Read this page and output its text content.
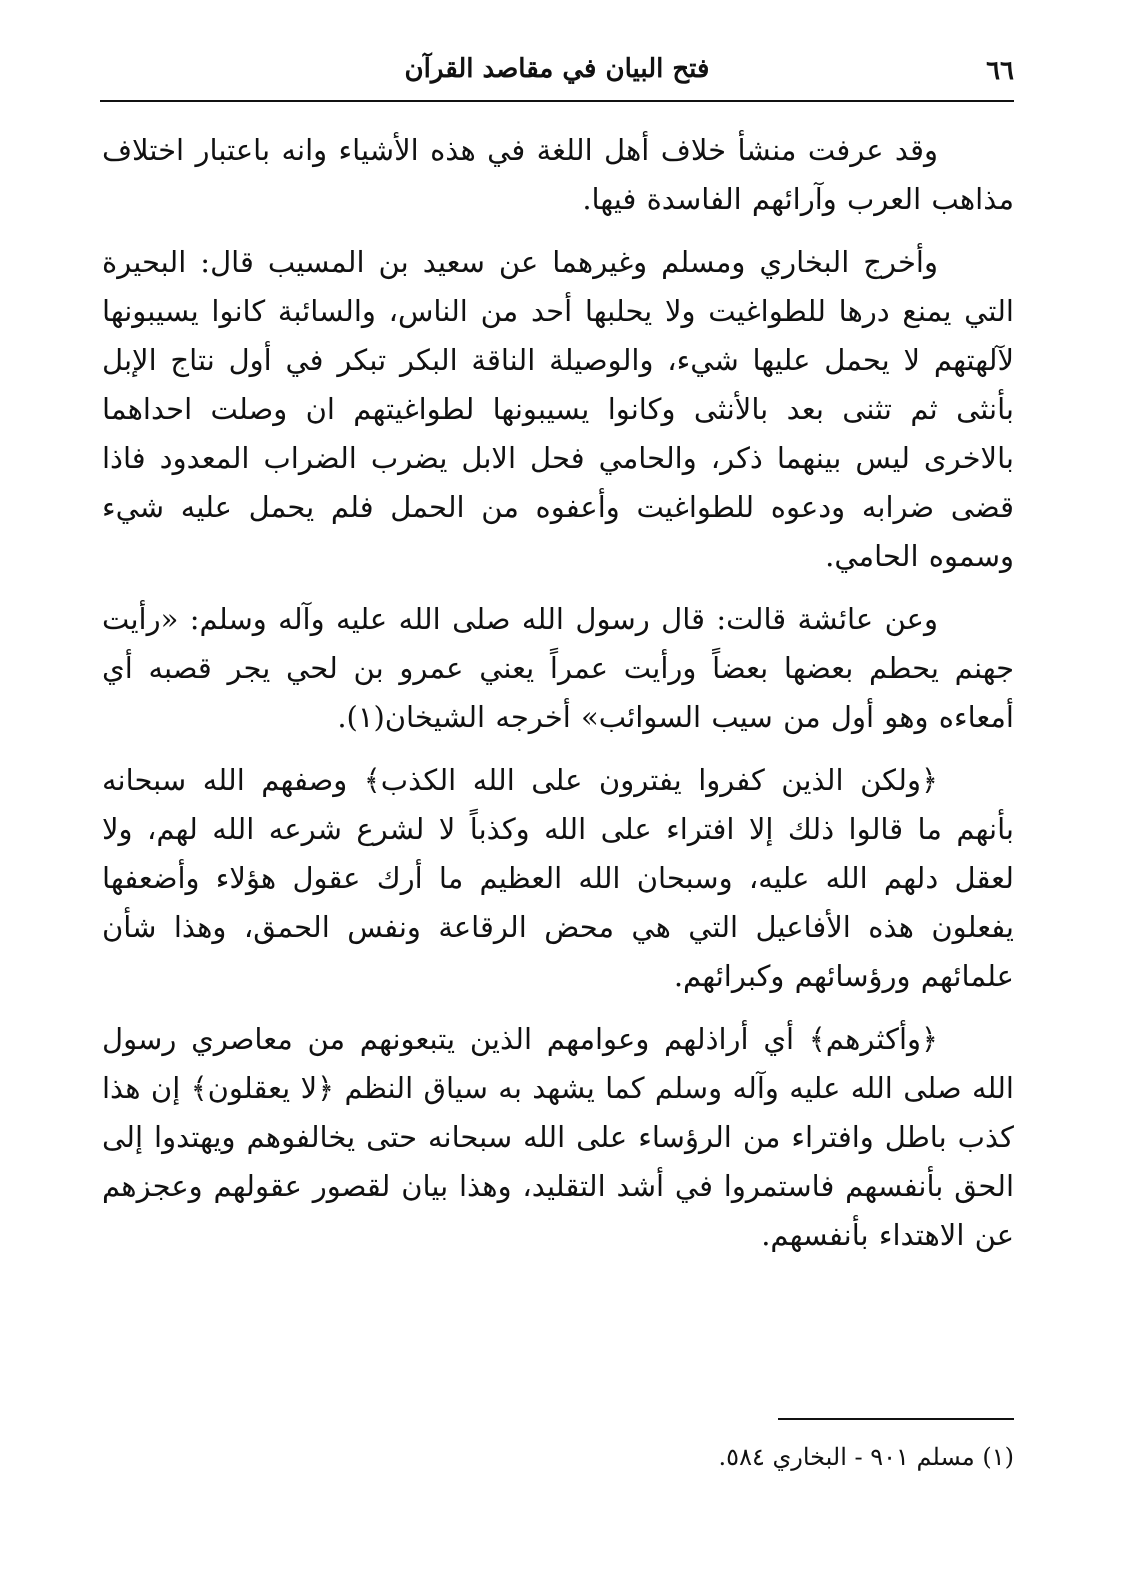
٦٦
فتح البيان في مقاصد القرآن

وقد عرفت منشأ خلاف أهل اللغة في هذه الأشياء وانه باعتبار اختلاف مذاهب العرب وآرائهم الفاسدة فيها.

وأخرج البخاري ومسلم وغيرهما عن سعيد بن المسيب قال: البحيرة التي يمنع درها للطواغيت ولا يحلبها أحد من الناس، والسائبة كانوا يسيبونها لآلهتهم لا يحمل عليها شيء، والوصيلة الناقة البكر تبكر في أول نتاج الإبل بأنثى ثم تثنى بعد بالأنثى وكانوا يسيبونها لطواغيتهم ان وصلت احداهما بالاخرى ليس بينهما ذكر، والحامي فحل الابل يضرب الضراب المعدود فاذا قضى ضرابه ودعوه للطواغيت وأعفوه من الحمل فلم يحمل عليه شيء وسموه الحامي.

وعن عائشة قالت: قال رسول الله صلى الله عليه وآله وسلم: «رأيت جهنم يحطم بعضها بعضاً ورأيت عمراً يعني عمرو بن لحي يجر قصبه أي أمعاءه وهو أول من سيب السوائب» أخرجه الشيخان(١).

﴿ولكن الذين كفروا يفترون على الله الكذب﴾ وصفهم الله سبحانه بأنهم ما قالوا ذلك إلا افتراء على الله وكذباً لا لشرع شرعه الله لهم، ولا لعقل دلهم الله عليه، وسبحان الله العظيم ما أرك عقول هؤلاء وأضعفها يفعلون هذه الأفاعيل التي هي محض الرقاعة ونفس الحمق، وهذا شأن علمائهم ورؤسائهم وكبرائهم.

﴿وأكثرهم﴾ أي أراذلهم وعوامهم الذين يتبعونهم من معاصري رسول الله صلى الله عليه وآله وسلم كما يشهد به سياق النظم ﴿لا يعقلون﴾ إن هذا كذب باطل وافتراء من الرؤساء على الله سبحانه حتى يخالفوهم ويهتدوا إلى الحق بأنفسهم فاستمروا في أشد التقليد، وهذا بيان لقصور عقولهم وعجزهم عن الاهتداء بأنفسهم.

(١) مسلم ٩٠١ - البخاري ٥٨٤.
